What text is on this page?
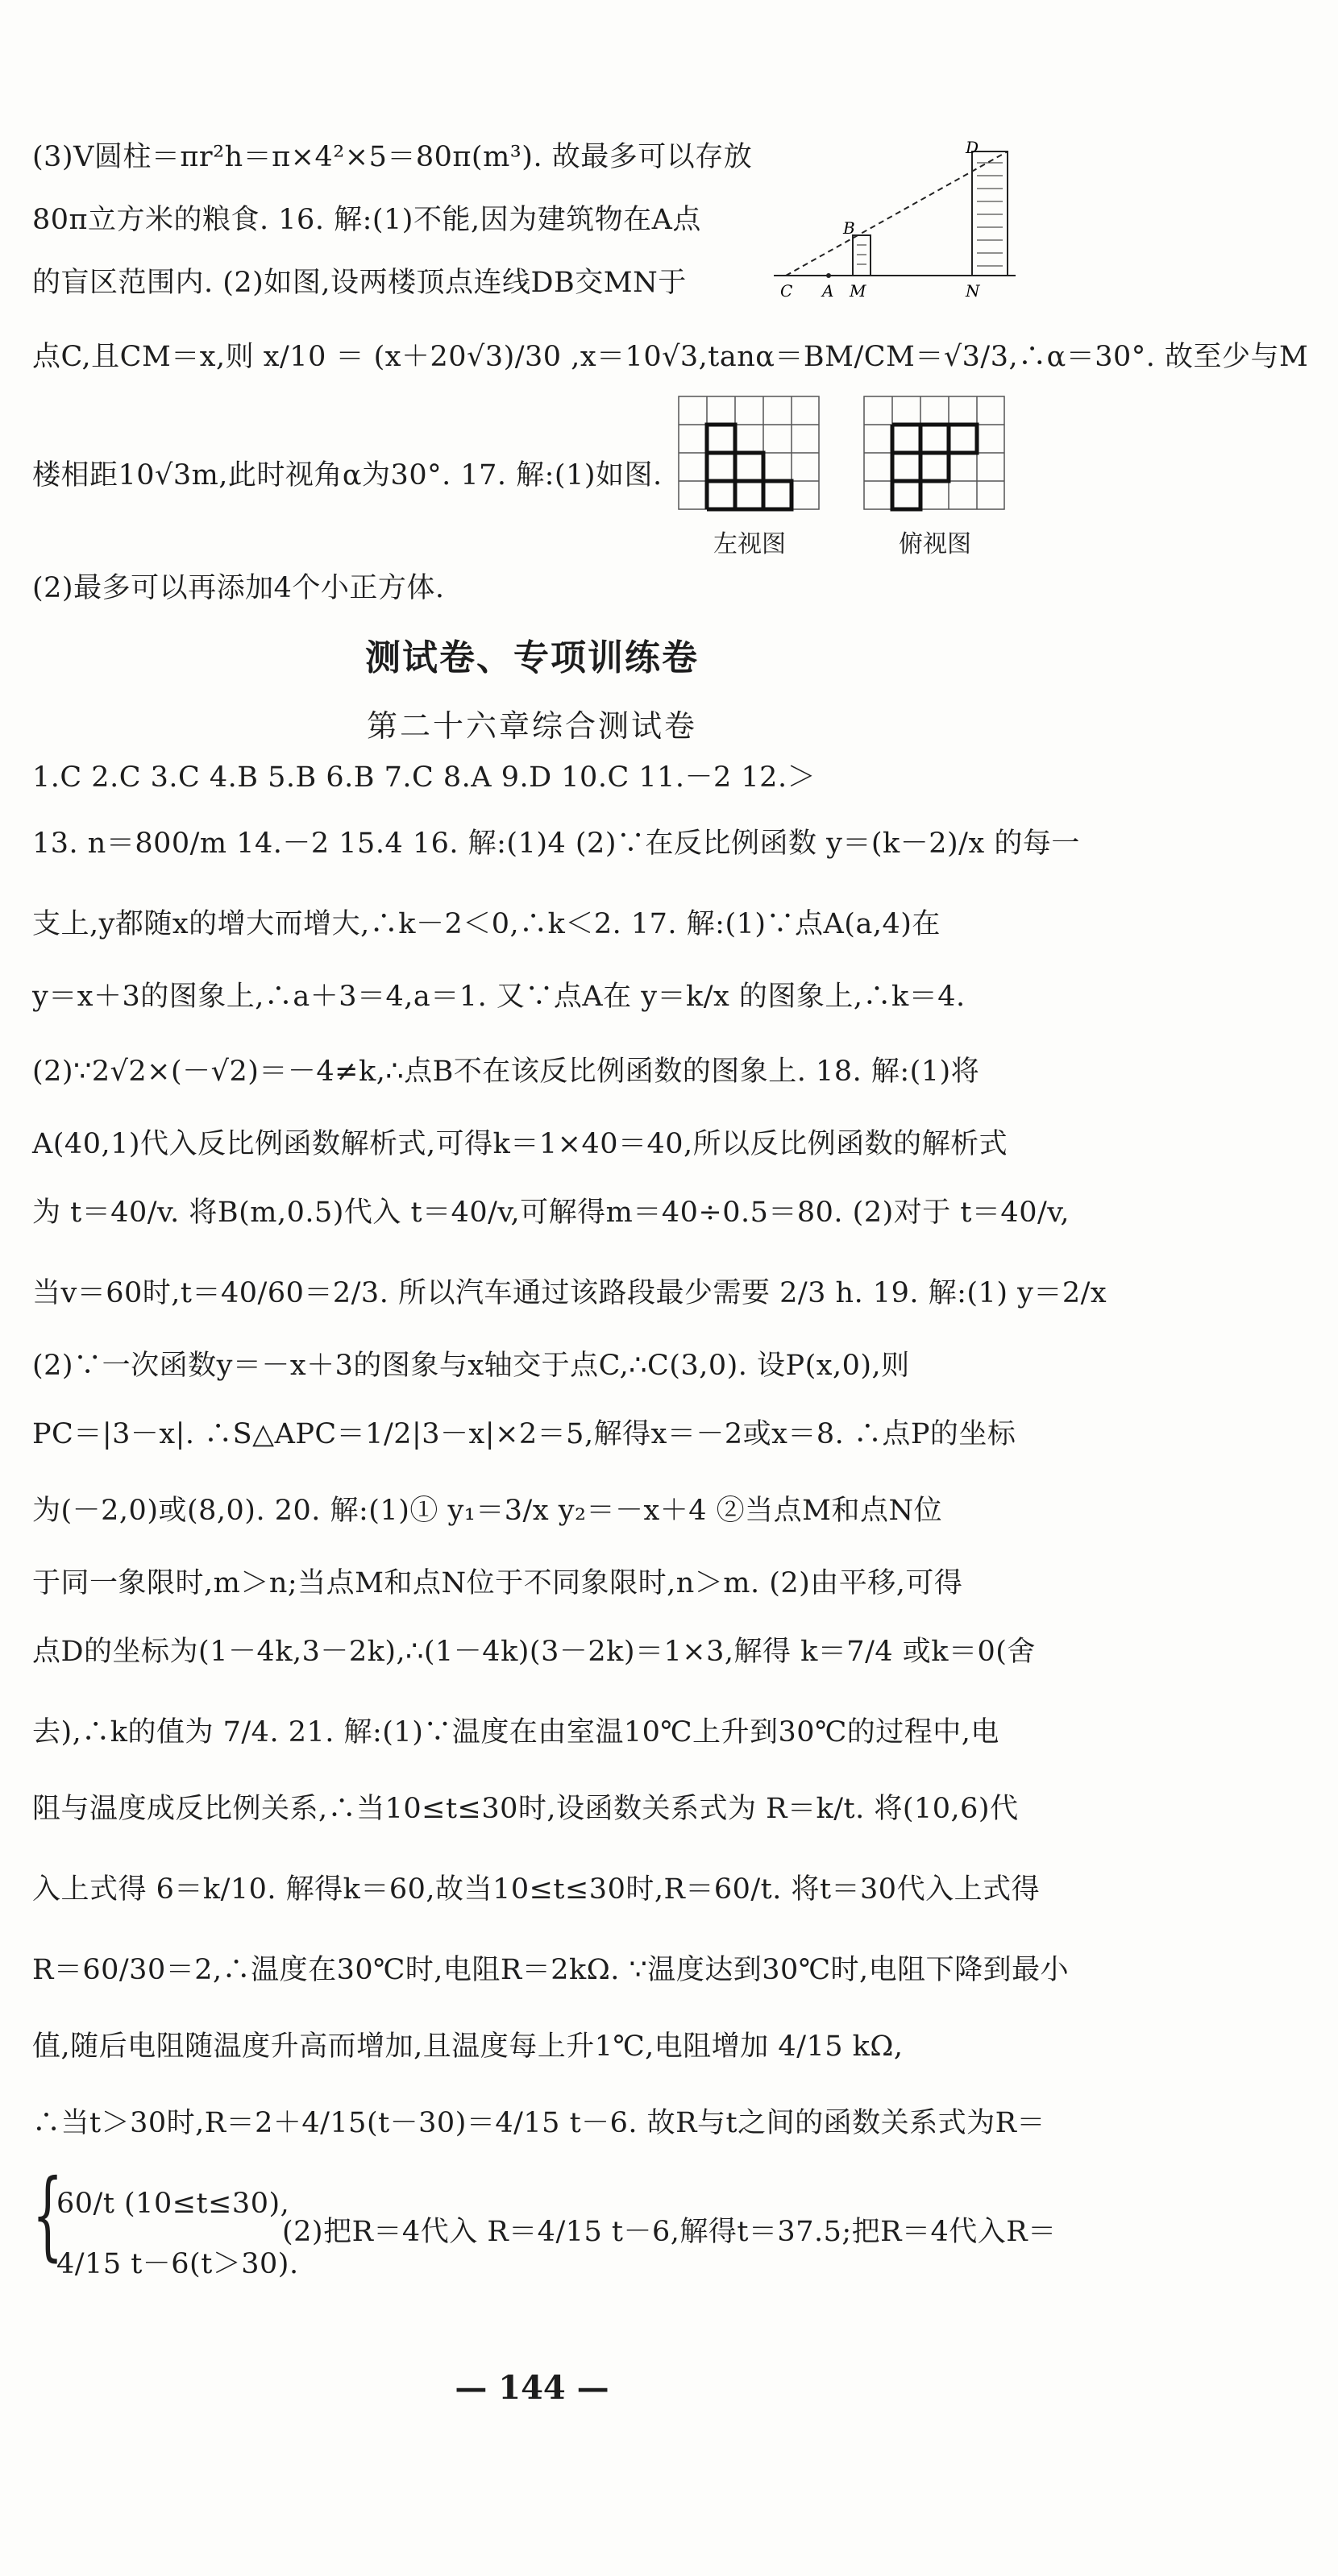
(3)V圆柱＝πr²h＝π×4²×5＝80π(m³). 故最多可以存放
80π立方米的粮食. 16. 解:(1)不能,因为建筑物在A点
的盲区范围内. (2)如图,设两楼顶点连线DB交MN于
D
B
C A M	N
点C,且CM＝x,则 x/10 ＝ (x＋20√3)/30 ,x＝10√3,tanα＝BM/CM＝√3/3,∴α＝30°. 故至少与M
楼相距10√3m,此时视角α为30°. 17. 解:(1)如图.
左视图	俯视图
(2)最多可以再添加4个小正方体.
测试卷、专项训练卷
第二十六章综合测试卷
1.C 2.C 3.C 4.B 5.B 6.B 7.C 8.A 9.D 10.C 11.－2 12.＞
13. n＝800/m 14.－2 15.4 16. 解:(1)4 (2)∵在反比例函数 y＝(k－2)/x 的每一
支上,y都随x的增大而增大,∴k－2＜0,∴k＜2. 17. 解:(1)∵点A(a,4)在
y＝x＋3的图象上,∴a＋3＝4,a＝1. 又∵点A在 y＝k/x 的图象上,∴k＝4.
(2)∵2√2×(－√2)＝－4≠k,∴点B不在该反比例函数的图象上. 18. 解:(1)将
A(40,1)代入反比例函数解析式,可得k＝1×40＝40,所以反比例函数的解析式
为 t＝40/v. 将B(m,0.5)代入 t＝40/v,可解得m＝40÷0.5＝80. (2)对于 t＝40/v,
当v＝60时,t＝40/60＝2/3. 所以汽车通过该路段最少需要 2/3 h. 19. 解:(1) y＝2/x
(2)∵一次函数y＝－x＋3的图象与x轴交于点C,∴C(3,0). 设P(x,0),则
PC＝|3－x|. ∴S△APC＝1/2|3－x|×2＝5,解得x＝－2或x＝8. ∴点P的坐标
为(－2,0)或(8,0). 20. 解:(1)① y₁＝3/x y₂＝－x＋4 ②当点M和点N位
于同一象限时,m＞n;当点M和点N位于不同象限时,n＞m. (2)由平移,可得
点D的坐标为(1－4k,3－2k),∴(1－4k)(3－2k)＝1×3,解得 k＝7/4 或k＝0(舍
去),∴k的值为 7/4. 21. 解:(1)∵温度在由室温10℃上升到30℃的过程中,电
阻与温度成反比例关系,∴当10≤t≤30时,设函数关系式为 R＝k/t. 将(10,6)代
入上式得 6＝k/10. 解得k＝60,故当10≤t≤30时,R＝60/t. 将t＝30代入上式得
R＝60/30＝2,∴温度在30℃时,电阻R＝2kΩ. ∵温度达到30℃时,电阻下降到最小
值,随后电阻随温度升高而增加,且温度每上升1℃,电阻增加 4/15 kΩ,
∴当t＞30时,R＝2＋4/15(t－30)＝4/15 t－6. 故R与t之间的函数关系式为R＝
{
60/t (10≤t≤30),
(2)把R＝4代入 R＝4/15 t－6,解得t＝37.5;把R＝4代入R＝
4/15 t－6(t＞30).
— 144 —
